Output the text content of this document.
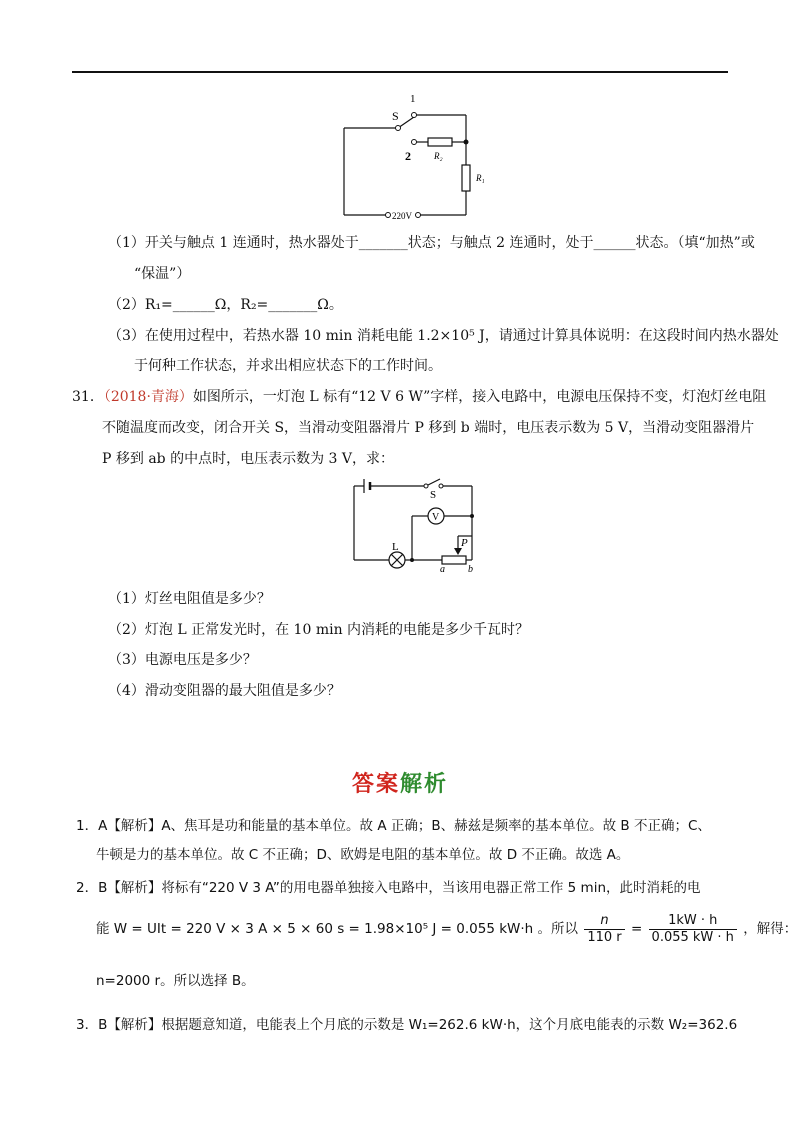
1
S
2	R₂
R₁
220V
（1）开关与触点 1 连通时，热水器处于_______状态；与触点 2 连通时，处于______状态。（填“加热”或
“保温”）
（2）R₁=______Ω，R₂=_______Ω。
（3）在使用过程中，若热水器 10 min 消耗电能 1.2×10⁵ J，请通过计算具体说明：在这段时间内热水器处
于何种工作状态，并求出相应状态下的工作时间。
31．（2018·青海）如图所示，一灯泡 L 标有“12 V 6 W”字样，接入电路中，电源电压保持不变，灯泡灯丝电阻
不随温度而改变，闭合开关 S，当滑动变阻器滑片 P 移到 b 端时，电压表示数为 5 V，当滑动变阻器滑片
P 移到 ab 的中点时，电压表示数为 3 V，求：
S
V
L	P
a b
（1）灯丝电阻值是多少？
（2）灯泡 L 正常发光时，在 10 min 内消耗的电能是多少千瓦时？
（3）电源电压是多少？
（4）滑动变阻器的最大阻值是多少？
答案解析
1．A【解析】A、焦耳是功和能量的基本单位。故 A 正确；B、赫兹是频率的基本单位。故 B 不正确；C、
牛顿是力的基本单位。故 C 不正确；D、欧姆是电阻的基本单位。故 D 不正确。故选 A。
2．B【解析】将标有“220 V 3 A”的用电器单独接入电路中，当该用电器正常工作 5 min，此时消耗的电
能 W = UIt = 220 V × 3 A × 5 × 60 s = 1.98×10⁵ J = 0.055 kW·h 。所以 $\frac{n}{110 r} = \frac{1kW \cdot h}{0.055 kW \cdot h}$ ，解得：
n=2000 r。所以选择 B。
3．B【解析】根据题意知道，电能表上个月底的示数是 W₁=262.6 kW·h，这个月底电能表的示数 W₂=362.6
